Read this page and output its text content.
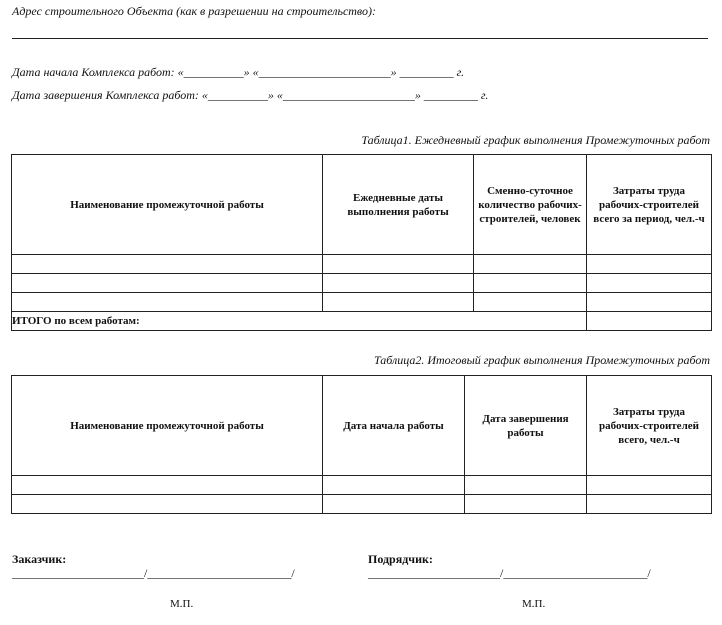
Адрес строительного Объекта (как в разрешении на строительство):
Дата начала Комплекса работ: «__________» «______________________» _________ г.
Дата завершения Комплекса работ: «__________» «______________________» _________ г.
Таблица1. Ежедневный график выполнения Промежуточных работ
Наименование промежуточной работы	Ежедневные даты выполнения работы	Сменно-суточное количество рабочих-строителей, человек	Затраты труда рабочих-строителей всего за период, чел.-ч

ИТОГО по всем работам:			
Таблица2. Итоговый график выполнения Промежуточных работ
Наименование промежуточной работы	Дата начала работы	Дата завершения работы	Затраты труда рабочих-строителей всего, чел.-ч

Заказчик:
______________________/________________________/
М.П.
Подрядчик:
______________________/________________________/
М.П.
